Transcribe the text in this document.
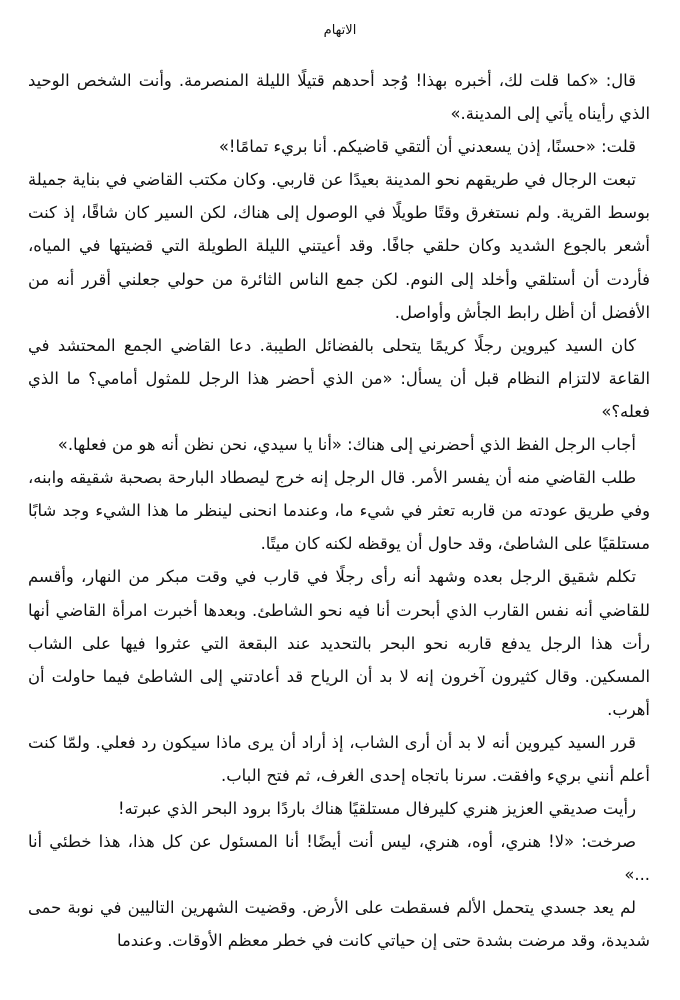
الاتهام

قال: «كما قلت لك، أخبره بهذا! وُجد أحدهم قتيلًا الليلة المنصرمة. وأنت الشخص الوحيد الذي رأيناه يأتي إلى المدينة.»

قلت: «حسنًا، إذن يسعدني أن ألتقي قاضيكم. أنا بريء تمامًا!»

تبعت الرجال في طريقهم نحو المدينة بعيدًا عن قاربي. وكان مكتب القاضي في بناية جميلة بوسط القرية. ولم نستغرق وقتًا طويلًا في الوصول إلى هناك، لكن السير كان شاقًا، إذ كنت أشعر بالجوع الشديد وكان حلقي جافًا. وقد أعيتني الليلة الطويلة التي قضيتها في المياه، فأردت أن أستلقي وأخلد إلى النوم. لكن جمع الناس الثائرة من حولي جعلني أقرر أنه من الأفضل أن أظل رابط الجأش وأواصل.

كان السيد كيروين رجلًا كريمًا يتحلى بالفضائل الطيبة. دعا القاضي الجمع المحتشد في القاعة لالتزام النظام قبل أن يسأل: «من الذي أحضر هذا الرجل للمثول أمامي؟ ما الذي فعله؟»

أجاب الرجل الفظ الذي أحضرني إلى هناك: «أنا يا سيدي، نحن نظن أنه هو من فعلها.»

طلب القاضي منه أن يفسر الأمر. قال الرجل إنه خرج ليصطاد البارحة بصحبة شقيقه وابنه، وفي طريق عودته من قاربه تعثر في شيء ما، وعندما انحنى لينظر ما هذا الشيء وجد شابًا مستلقيًا على الشاطئ، وقد حاول أن يوقظه لكنه كان ميتًا.

تكلم شقيق الرجل بعده وشهد أنه رأى رجلًا في قارب في وقت مبكر من النهار، وأقسم للقاضي أنه نفس القارب الذي أبحرت أنا فيه نحو الشاطئ. وبعدها أخبرت امرأة القاضي أنها رأت هذا الرجل يدفع قاربه نحو البحر بالتحديد عند البقعة التي عثروا فيها على الشاب المسكين. وقال كثيرون آخرون إنه لا بد أن الرياح قد أعادتني إلى الشاطئ فيما حاولت أن أهرب.

قرر السيد كيروين أنه لا بد أن أرى الشاب، إذ أراد أن يرى ماذا سيكون رد فعلي. ولمّا كنت أعلم أنني بريء وافقت. سرنا باتجاه إحدى الغرف، ثم فتح الباب.

رأيت صديقي العزيز هنري كليرفال مستلقيًا هناك باردًا برود البحر الذي عبرته!

صرخت: «لا! هنري، أوه، هنري، ليس أنت أيضًا! أنا المسئول عن كل هذا، هذا خطئي أنا ...»

لم يعد جسدي يتحمل الألم فسقطت على الأرض. وقضيت الشهرين التاليين في نوبة حمى شديدة، وقد مرضت بشدة حتى إن حياتي كانت في خطر معظم الأوقات. وعندما
